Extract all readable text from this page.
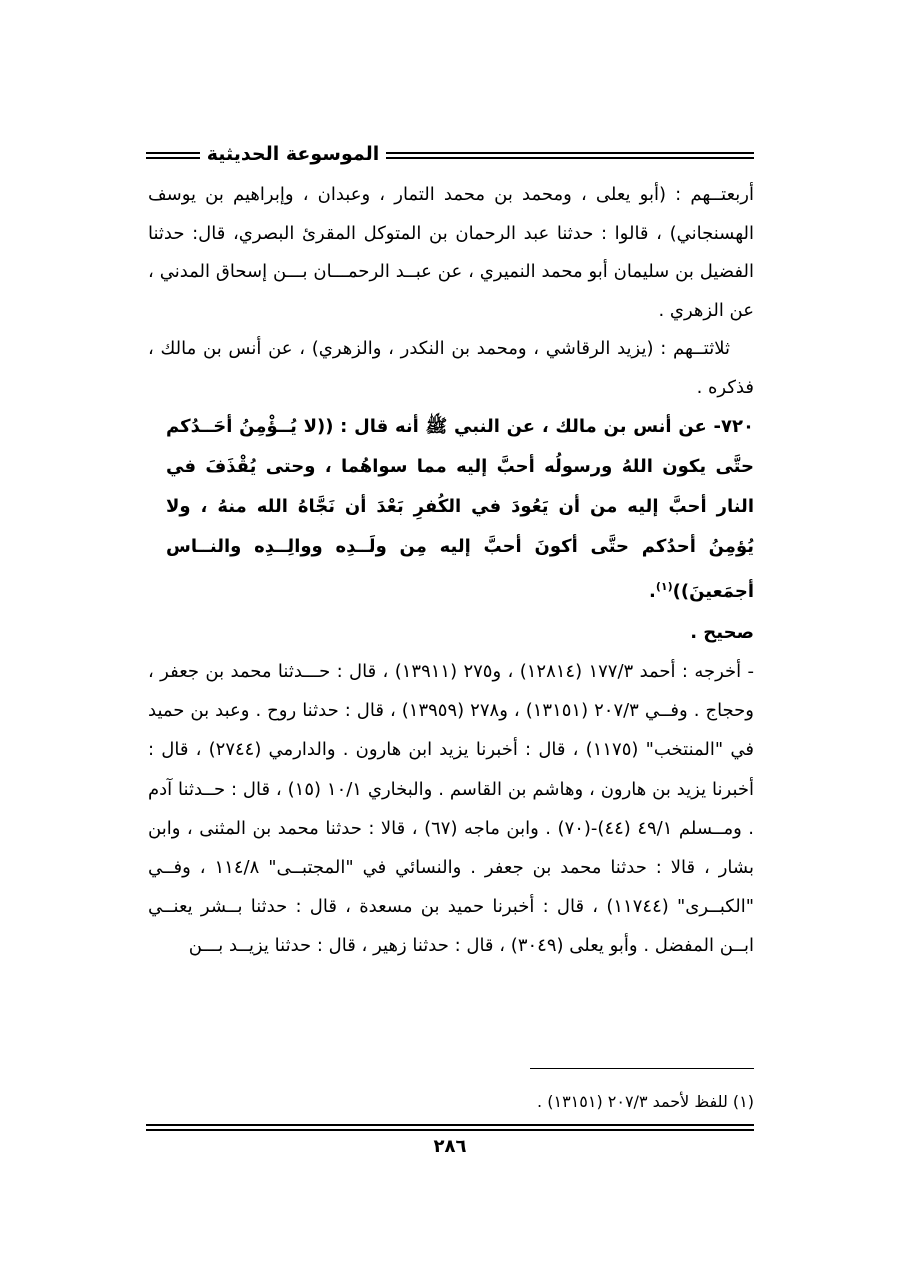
الموسوعة الحديثية

أربعتــهم : (أبو يعلى ، ومحمد بن محمد التمار ، وعبدان ، وإبراهيم بن يوسف الهسنجاني) ، قالوا : حدثنا عبد الرحمان بن المتوكل المقرئ البصري، قال: حدثنا الفضيل بن سليمان أبو محمد النميري ، عن عبــد الرحمـــان بـــن إسحاق المدني ، عن الزهري .

ثلاثتــهم : (يزيد الرقاشي ، ومحمد بن النكدر ، والزهري) ، عن أنس بن مالك ، فذكره .

٧٢٠- عن أنس بن مالك ، عن النبي ﷺ أنه قال : ((لا يُــؤْمِنُ أحَــدُكم حتَّى يكون اللهُ ورسولُه أحبَّ إليه مما سواهُما ، وحتى يُقْذَفَ في النار أحبَّ إليه من أن يَعُودَ في الكُفرِ بَعْدَ أن نَجَّاهُ الله منهُ ، ولا يُؤمِنُ أحدُكم حتَّى أكونَ أحبَّ إليه مِن ولَــدِه ووالِــدِه والنــاس أجمَعينَ))$^{(١)}$.

صحيح .

- أخرجه : أحمد ١٧٧/٣ (١٢٨١٤) ، و٢٧٥ (١٣٩١١) ، قال : حـــدثنا محمد بن جعفر ، وحجاج . وفــي ٢٠٧/٣ (١٣١٥١) ، و٢٧٨ (١٣٩٥٩) ، قال : حدثنا روح . وعبد بن حميد في "المنتخب" (١١٧٥) ، قال : أخبرنا يزيد ابن هارون . والدارمي (٢٧٤٤) ، قال : أخبرنا يزيد بن هارون ، وهاشم بن القاسم . والبخاري ١٠/١ (١٥) ، قال : حــدثنا آدم . ومــسلم ٤٩/١ (٤٤)-(٧٠) . وابن ماجه (٦٧) ، قالا : حدثنا محمد بن المثنى ، وابن بشار ، قالا : حدثنا محمد بن جعفر . والنسائي في "المجتبــى" ١١٤/٨ ، وفــي "الكبــرى" (١١٧٤٤) ، قال : أخبرنا حميد بن مسعدة ، قال : حدثنا بــشر يعنــي ابــن المفضل . وأبو يعلى (٣٠٤٩) ، قال : حدثنا زهير ، قال : حدثنا يزيــد بـــن

(١) للفظ لأحمد ٢٠٧/٣ (١٣١٥١) .
٢٨٦
